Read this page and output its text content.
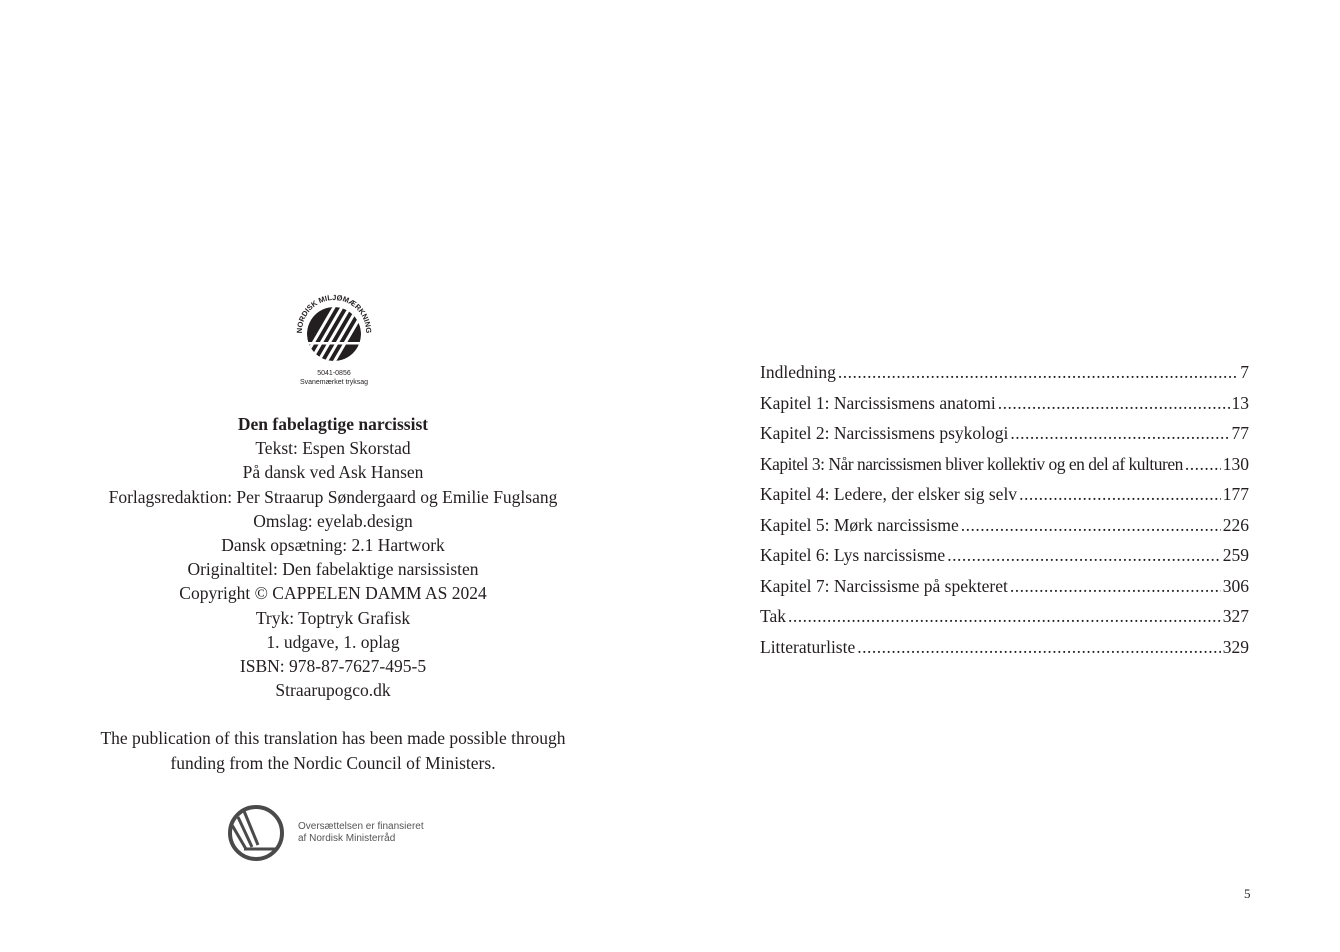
NORDISK MILJØMÆRKNING
5041-0856
Svanemærket tryksag
Den fabelagtige narcissist
Tekst: Espen Skorstad
På dansk ved Ask Hansen
Forlagsredaktion: Per Straarup Søndergaard og Emilie Fuglsang
Omslag: eyelab.design
Dansk opsætning: 2.1 Hartwork
Originaltitel: Den fabelaktige narsissisten
Copyright © CAPPELEN DAMM AS 2024
Tryk: Toptryk Grafisk
1. udgave, 1. oplag
ISBN: 978-87-7627-495-5
Straarupogco.dk
The publication of this translation has been made possible through
funding from the Nordic Council of Ministers.
Oversættelsen er finansieret
af Nordisk Ministerråd
Indledning .....	7
Kapitel 1: Narcissismens anatomi .....	13
Kapitel 2: Narcissismens psykologi .....	77
Kapitel 3: Når narcissismen bliver kollektiv og en del af kulturen ..... 130
Kapitel 4: Ledere, der elsker sig selv .....	177
Kapitel 5: Mørk narcissisme .....	226
Kapitel 6: Lys narcissisme .....	259
Kapitel 7: Narcissisme på spekteret .....	306
Tak .....	327
Litteraturliste .....	329
5
